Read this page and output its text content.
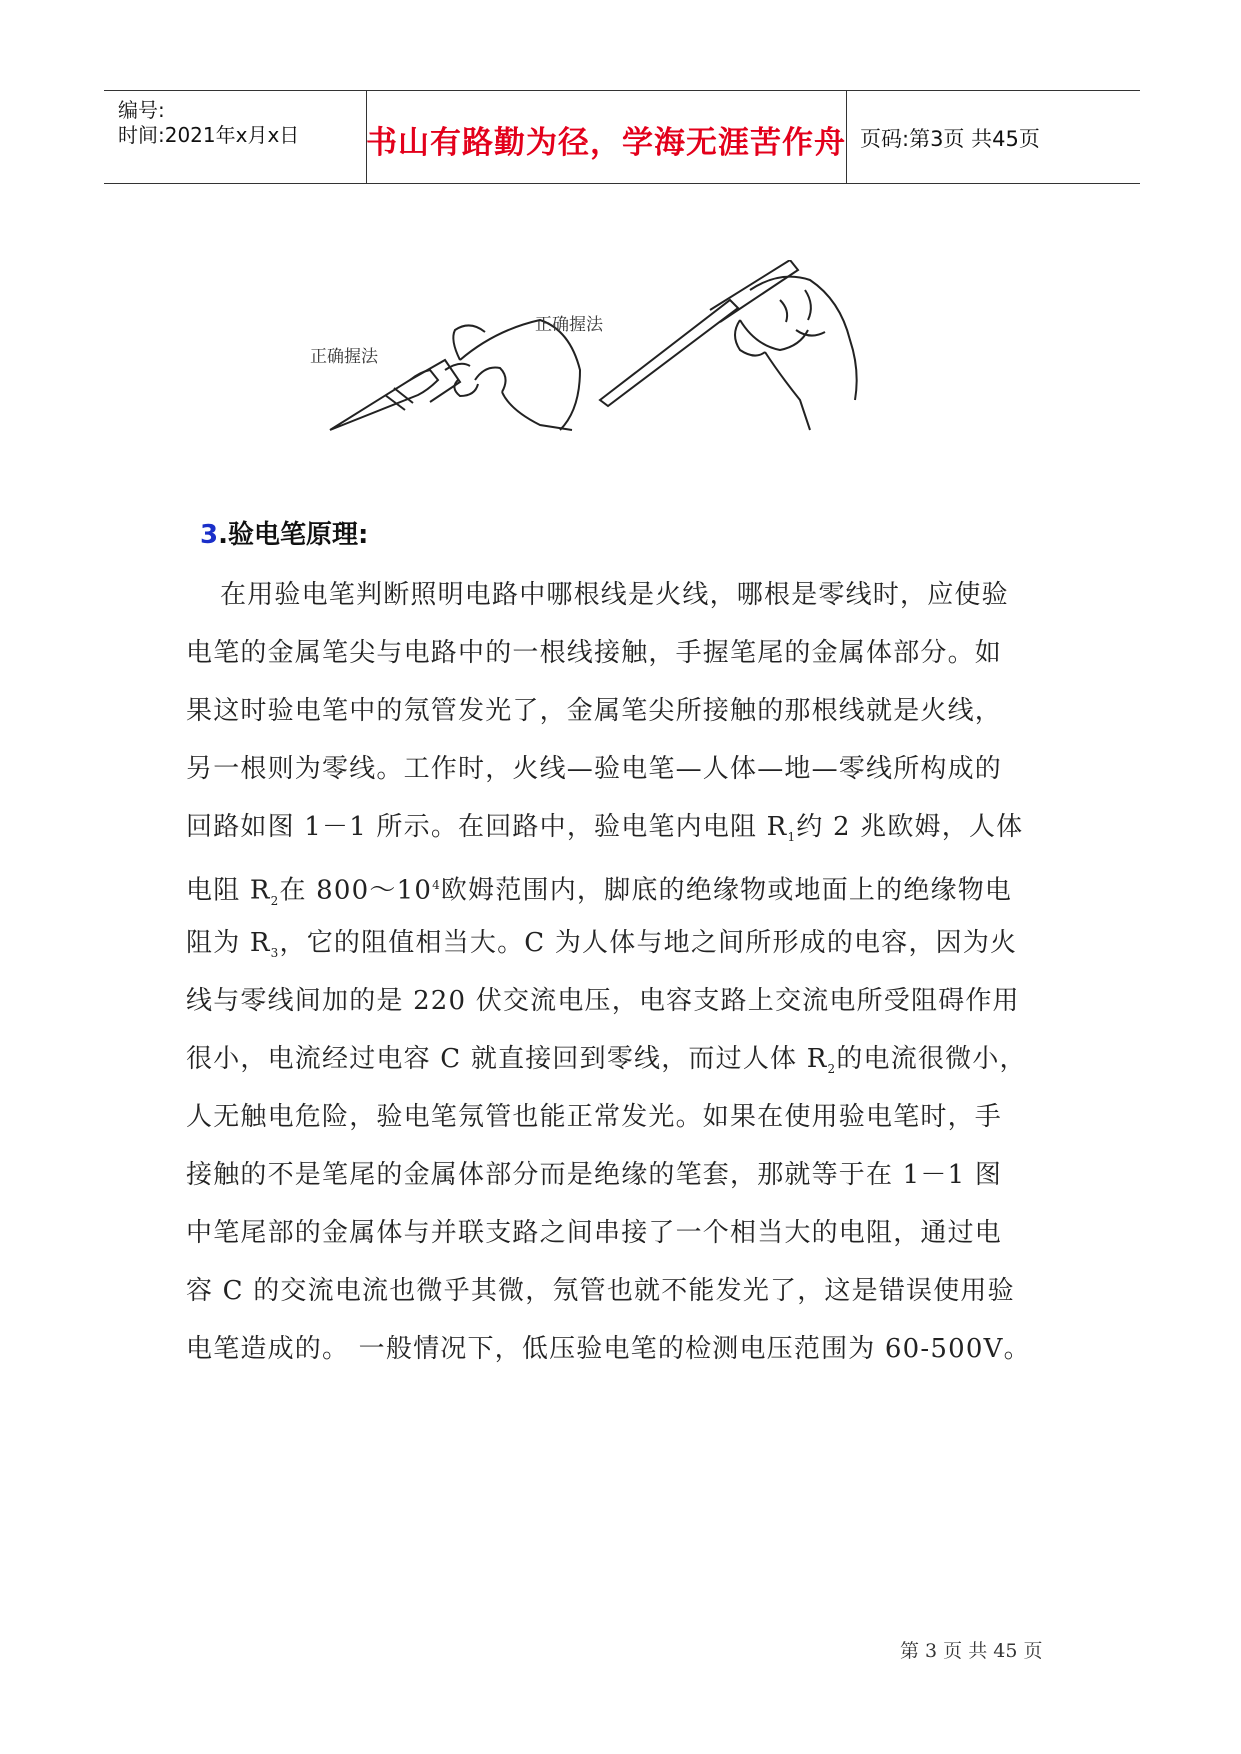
编号:
时间:2021年x月x日 书山有路勤为径，学海无涯苦作舟 页码:第3页 共45页
正确握法
正确握法
3.验电笔原理:
在用验电笔判断照明电路中哪根线是火线，哪根是零线时，应使验
电笔的金属笔尖与电路中的一根线接触，手握笔尾的金属体部分。如
果这时验电笔中的氖管发光了，金属笔尖所接触的那根线就是火线，
另一根则为零线。工作时，火线—验电笔—人体—地—零线所构成的
回路如图 1－1 所示。在回路中，验电笔内电阻 $R_1$约 2 兆欧姆，人体
电阻 $R_2$在 $800\sim 10^4$欧姆范围内，脚底的绝缘物或地面上的绝缘物电
阻为 $R_3$，它的阻值相当大。C 为人体与地之间所形成的电容，因为火
线与零线间加的是 220 伏交流电压，电容支路上交流电所受阻碍作用
很小，电流经过电容 C 就直接回到零线，而过人体 $R_2$的电流很微小，
人无触电危险，验电笔氖管也能正常发光。如果在使用验电笔时，手
接触的不是笔尾的金属体部分而是绝缘的笔套，那就等于在 1－1 图
中笔尾部的金属体与并联支路之间串接了一个相当大的电阻，通过电
容 C 的交流电流也微乎其微，氖管也就不能发光了，这是错误使用验
电笔造成的。 一般情况下，低压验电笔的检测电压范围为 60-500V。
第 3 页 共 45 页
